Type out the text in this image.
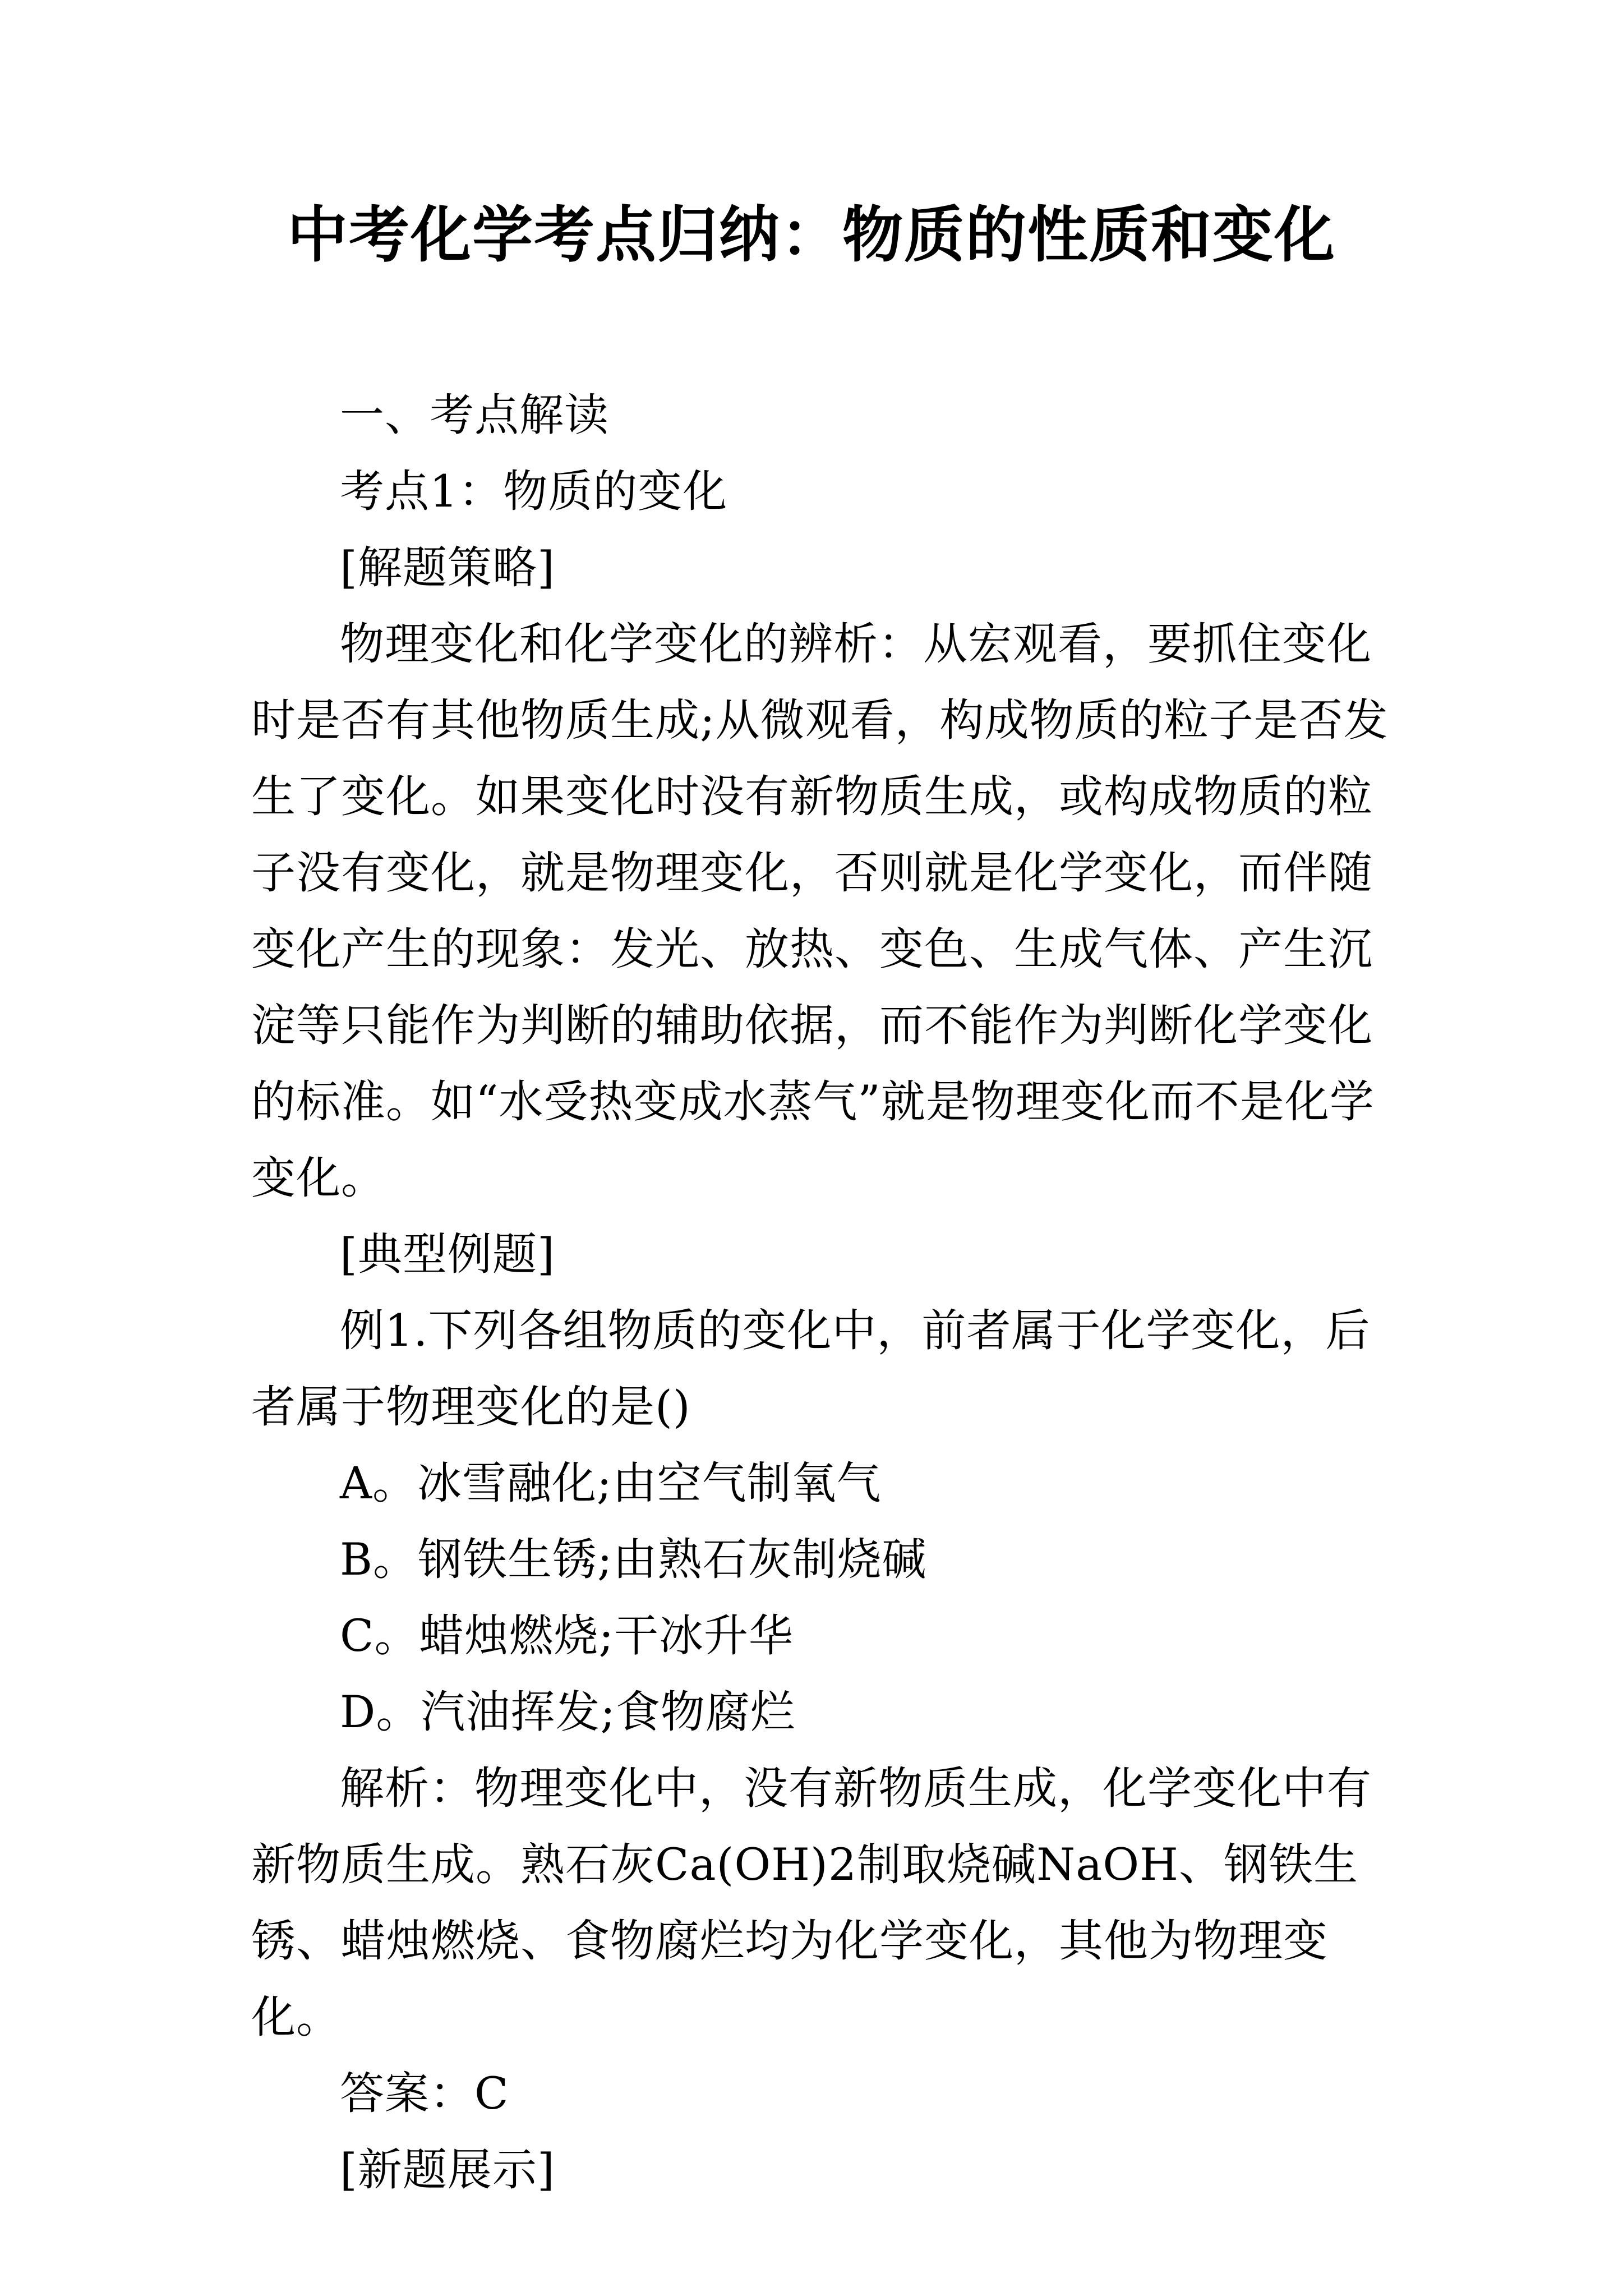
中考化学考点归纳：物质的性质和变化

一、考点解读

考点1：物质的变化

[解题策略]

物理变化和化学变化的辨析：从宏观看，要抓住变化时是否有其他物质生成;从微观看，构成物质的粒子是否发生了变化。如果变化时没有新物质生成，或构成物质的粒子没有变化，就是物理变化，否则就是化学变化，而伴随变化产生的现象：发光、放热、变色、生成气体、产生沉淀等只能作为判断的辅助依据，而不能作为判断化学变化的标准。如“水受热变成水蒸气”就是物理变化而不是化学变化。

[典型例题]

例1.下列各组物质的变化中，前者属于化学变化，后者属于物理变化的是()

A。冰雪融化;由空气制氧气

B。钢铁生锈;由熟石灰制烧碱

C。蜡烛燃烧;干冰升华

D。汽油挥发;食物腐烂

解析：物理变化中，没有新物质生成，化学变化中有新物质生成。熟石灰Ca(OH)2制取烧碱NaOH、钢铁生锈、蜡烛燃烧、食物腐烂均为化学变化，其他为物理变化。

答案：C

[新题展示]
